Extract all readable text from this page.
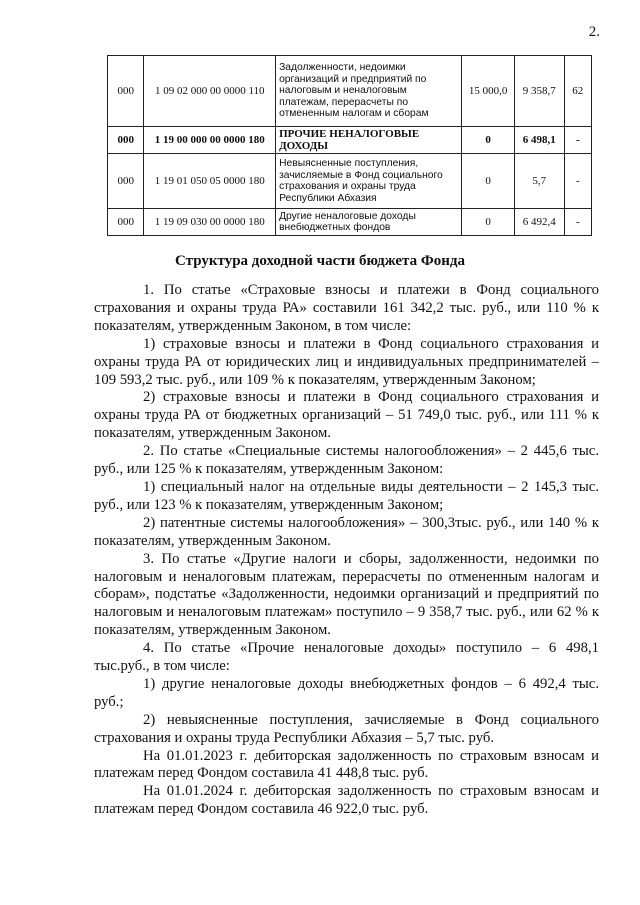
2.
000	1 09 02 000 00 0000 110	Задолженности, недоимки организаций и предприятий по налоговым и неналоговым платежам, перерасчеты по отмененным налогам и сборам	15 000,0	9 358,7	62
000	1 19 00 000 00 0000 180	ПРОЧИЕ НЕНАЛОГОВЫЕ ДОХОДЫ	0	6 498,1	-
000	1 19 01 050 05 0000 180	Невыясненные поступления, зачисляемые в Фонд социального страхования и охраны труда Республики Абхазия	0	5,7	-
000	1 19 09 030 00 0000 180	Другие неналоговые доходы внебюджетных фондов	0	6 492,4	-
Структура доходной части бюджета Фонда

1. По статье «Страховые взносы и платежи в Фонд социального страхования и охраны труда РА» составили 161 342,2 тыс. руб., или 110 % к показателям, утвержденным Законом, в том числе:

1) страховые взносы и платежи в Фонд социального страхования и охраны труда РА от юридических лиц и индивидуальных предпринимателей – 109 593,2 тыс. руб., или 109 % к показателям, утвержденным Законом;

2) страховые взносы и платежи в Фонд социального страхования и охраны труда РА от бюджетных организаций – 51 749,0 тыс. руб., или 111 % к показателям, утвержденным Законом.

2. По статье «Специальные системы налогообложения» – 2 445,6 тыс. руб., или 125 % к показателям, утвержденным Законом:

1) специальный налог на отдельные виды деятельности – 2 145,3 тыс. руб., или 123 % к показателям, утвержденным Законом;

2) патентные системы налогообложения» – 300,3тыс. руб., или 140 % к показателям, утвержденным Законом.

3. По статье «Другие налоги и сборы, задолженности, недоимки по налоговым и неналоговым платежам, перерасчеты по отмененным налогам и сборам», подстатье «Задолженности, недоимки организаций и предприятий по налоговым и неналоговым платежам» поступило – 9 358,7 тыс. руб., или 62 % к показателям, утвержденным Законом.

4. По статье «Прочие неналоговые доходы» поступило – 6 498,1 тыс.руб., в том числе:

1) другие неналоговые доходы внебюджетных фондов – 6 492,4 тыс. руб.;

2) невыясненные поступления, зачисляемые в Фонд социального страхования и охраны труда Республики Абхазия – 5,7 тыс. руб.

На 01.01.2023 г. дебиторская задолженность по страховым взносам и платежам перед Фондом составила 41 448,8 тыс. руб.

На 01.01.2024 г. дебиторская задолженность по страховым взносам и платежам перед Фондом составила 46 922,0 тыс. руб.
